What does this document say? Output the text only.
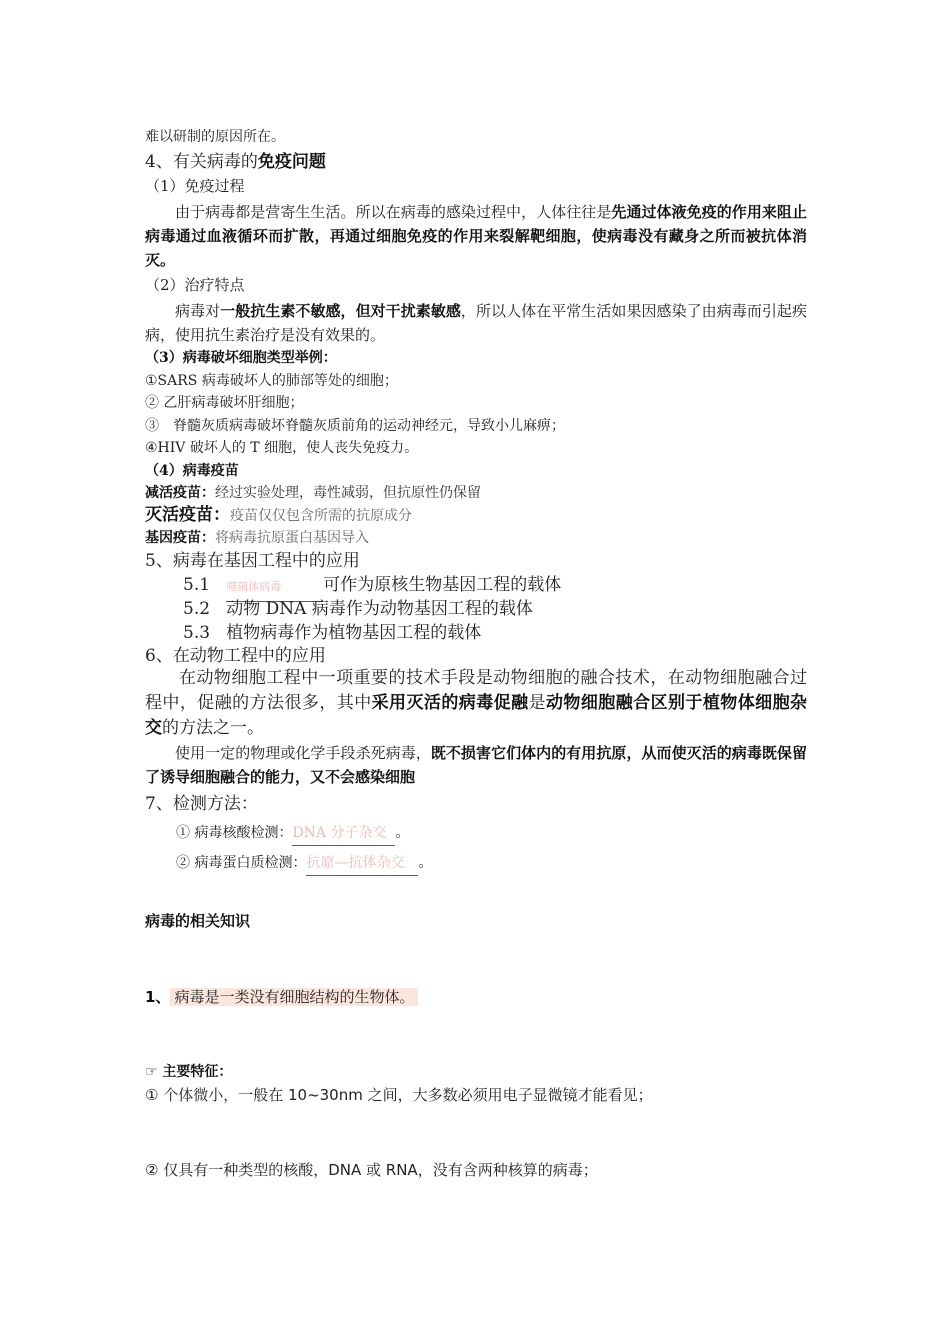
难以研制的原因所在。
4、有关病毒的免疫问题
（1）免疫过程
由于病毒都是营寄生生活。所以在病毒的感染过程中，人体往往是先通过体液免疫的作用来阻止病毒通过血液循环而扩散，再通过细胞免疫的作用来裂解靶细胞，使病毒没有藏身之所而被抗体消灭。
（2）治疗特点
病毒对一般抗生素不敏感，但对干扰素敏感，所以人体在平常生活如果因感染了由病毒而引起疾病，使用抗生素治疗是没有效果的。
（3）病毒破坏细胞类型举例：
①SARS 病毒破坏人的肺部等处的细胞；
② 乙肝病毒破坏肝细胞；
③　脊髓灰质病毒破坏脊髓灰质前角的运动神经元，导致小儿麻痹；
④HIV 破坏人的 T 细胞，使人丧失免疫力。
（4）病毒疫苗
减活疫苗：经过实验处理，毒性减弱，但抗原性仍保留
灭活疫苗：疫苗仅仅包含所需的抗原成分
基因疫苗：将病毒抗原蛋白基因导入
5、病毒在基因工程中的应用
5.1 噬菌体病毒 可作为原核生物基因工程的载体
5.2 动物 DNA 病毒作为动物基因工程的载体
5.3 植物病毒作为植物基因工程的载体
6、在动物工程中的应用
在动物细胞工程中一项重要的技术手段是动物细胞的融合技术，在动物细胞融合过程中，促融的方法很多，其中采用灭活的病毒促融是动物细胞融合区别于植物体细胞杂交的方法之一。
使用一定的物理或化学手段杀死病毒，既不损害它们体内的有用抗原，从而使灭活的病毒既保留了诱导细胞融合的能力，又不会感染细胞
7、检测方法：
① 病毒核酸检测：DNA 分子杂交 。
② 病毒蛋白质检测：抗原—抗体杂交 。
病毒的相关知识
1、 病毒是一类没有细胞结构的生物体。
☞ 主要特征：
① 个体微小，一般在 10~30nm 之间，大多数必须用电子显微镜才能看见；
② 仅具有一种类型的核酸，DNA 或 RNA，没有含两种核算的病毒；
